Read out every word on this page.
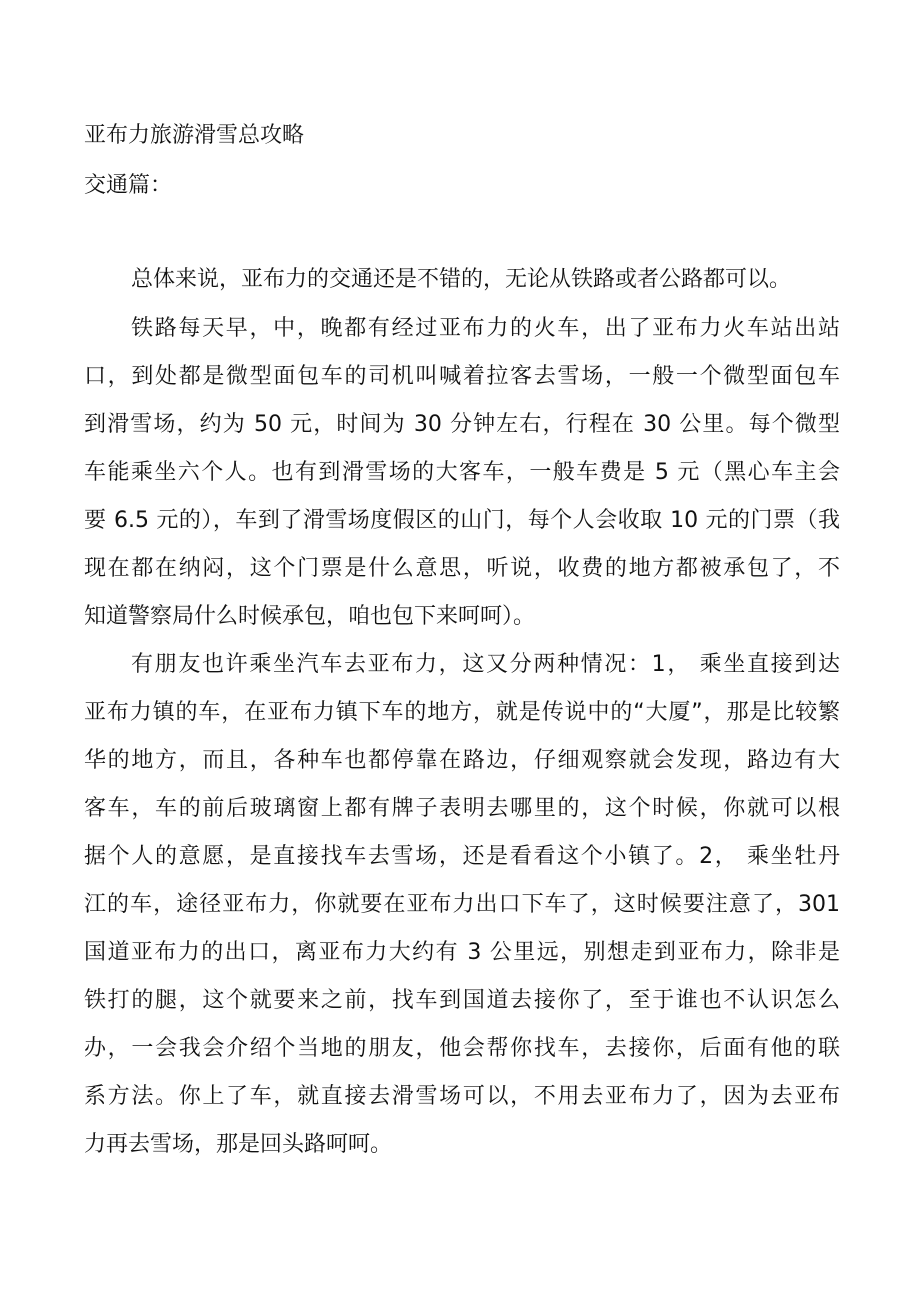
亚布力旅游滑雪总攻略
交通篇：
总体来说，亚布力的交通还是不错的，无论从铁路或者公路都可以。
铁路每天早，中，晚都有经过亚布力的火车，出了亚布力火车站出站
口，到处都是微型面包车的司机叫喊着拉客去雪场，一般一个微型面包车
到滑雪场，约为 50 元，时间为 30 分钟左右，行程在 30 公里。每个微型
车能乘坐六个人。也有到滑雪场的大客车，一般车费是 5 元（黑心车主会
要 6.5 元的），车到了滑雪场度假区的山门，每个人会收取 10 元的门票（我
现在都在纳闷，这个门票是什么意思，听说，收费的地方都被承包了，不
知道警察局什么时候承包，咱也包下来呵呵）。
有朋友也许乘坐汽车去亚布力，这又分两种情况：1， 乘坐直接到达
亚布力镇的车，在亚布力镇下车的地方，就是传说中的“大厦”，那是比较繁
华的地方，而且，各种车也都停靠在路边，仔细观察就会发现，路边有大
客车，车的前后玻璃窗上都有牌子表明去哪里的，这个时候，你就可以根
据个人的意愿，是直接找车去雪场，还是看看这个小镇了。2， 乘坐牡丹
江的车，途径亚布力，你就要在亚布力出口下车了，这时候要注意了，301
国道亚布力的出口，离亚布力大约有 3 公里远，别想走到亚布力，除非是
铁打的腿，这个就要来之前，找车到国道去接你了，至于谁也不认识怎么
办，一会我会介绍个当地的朋友，他会帮你找车，去接你，后面有他的联
系方法。你上了车，就直接去滑雪场可以，不用去亚布力了，因为去亚布
力再去雪场，那是回头路呵呵。
